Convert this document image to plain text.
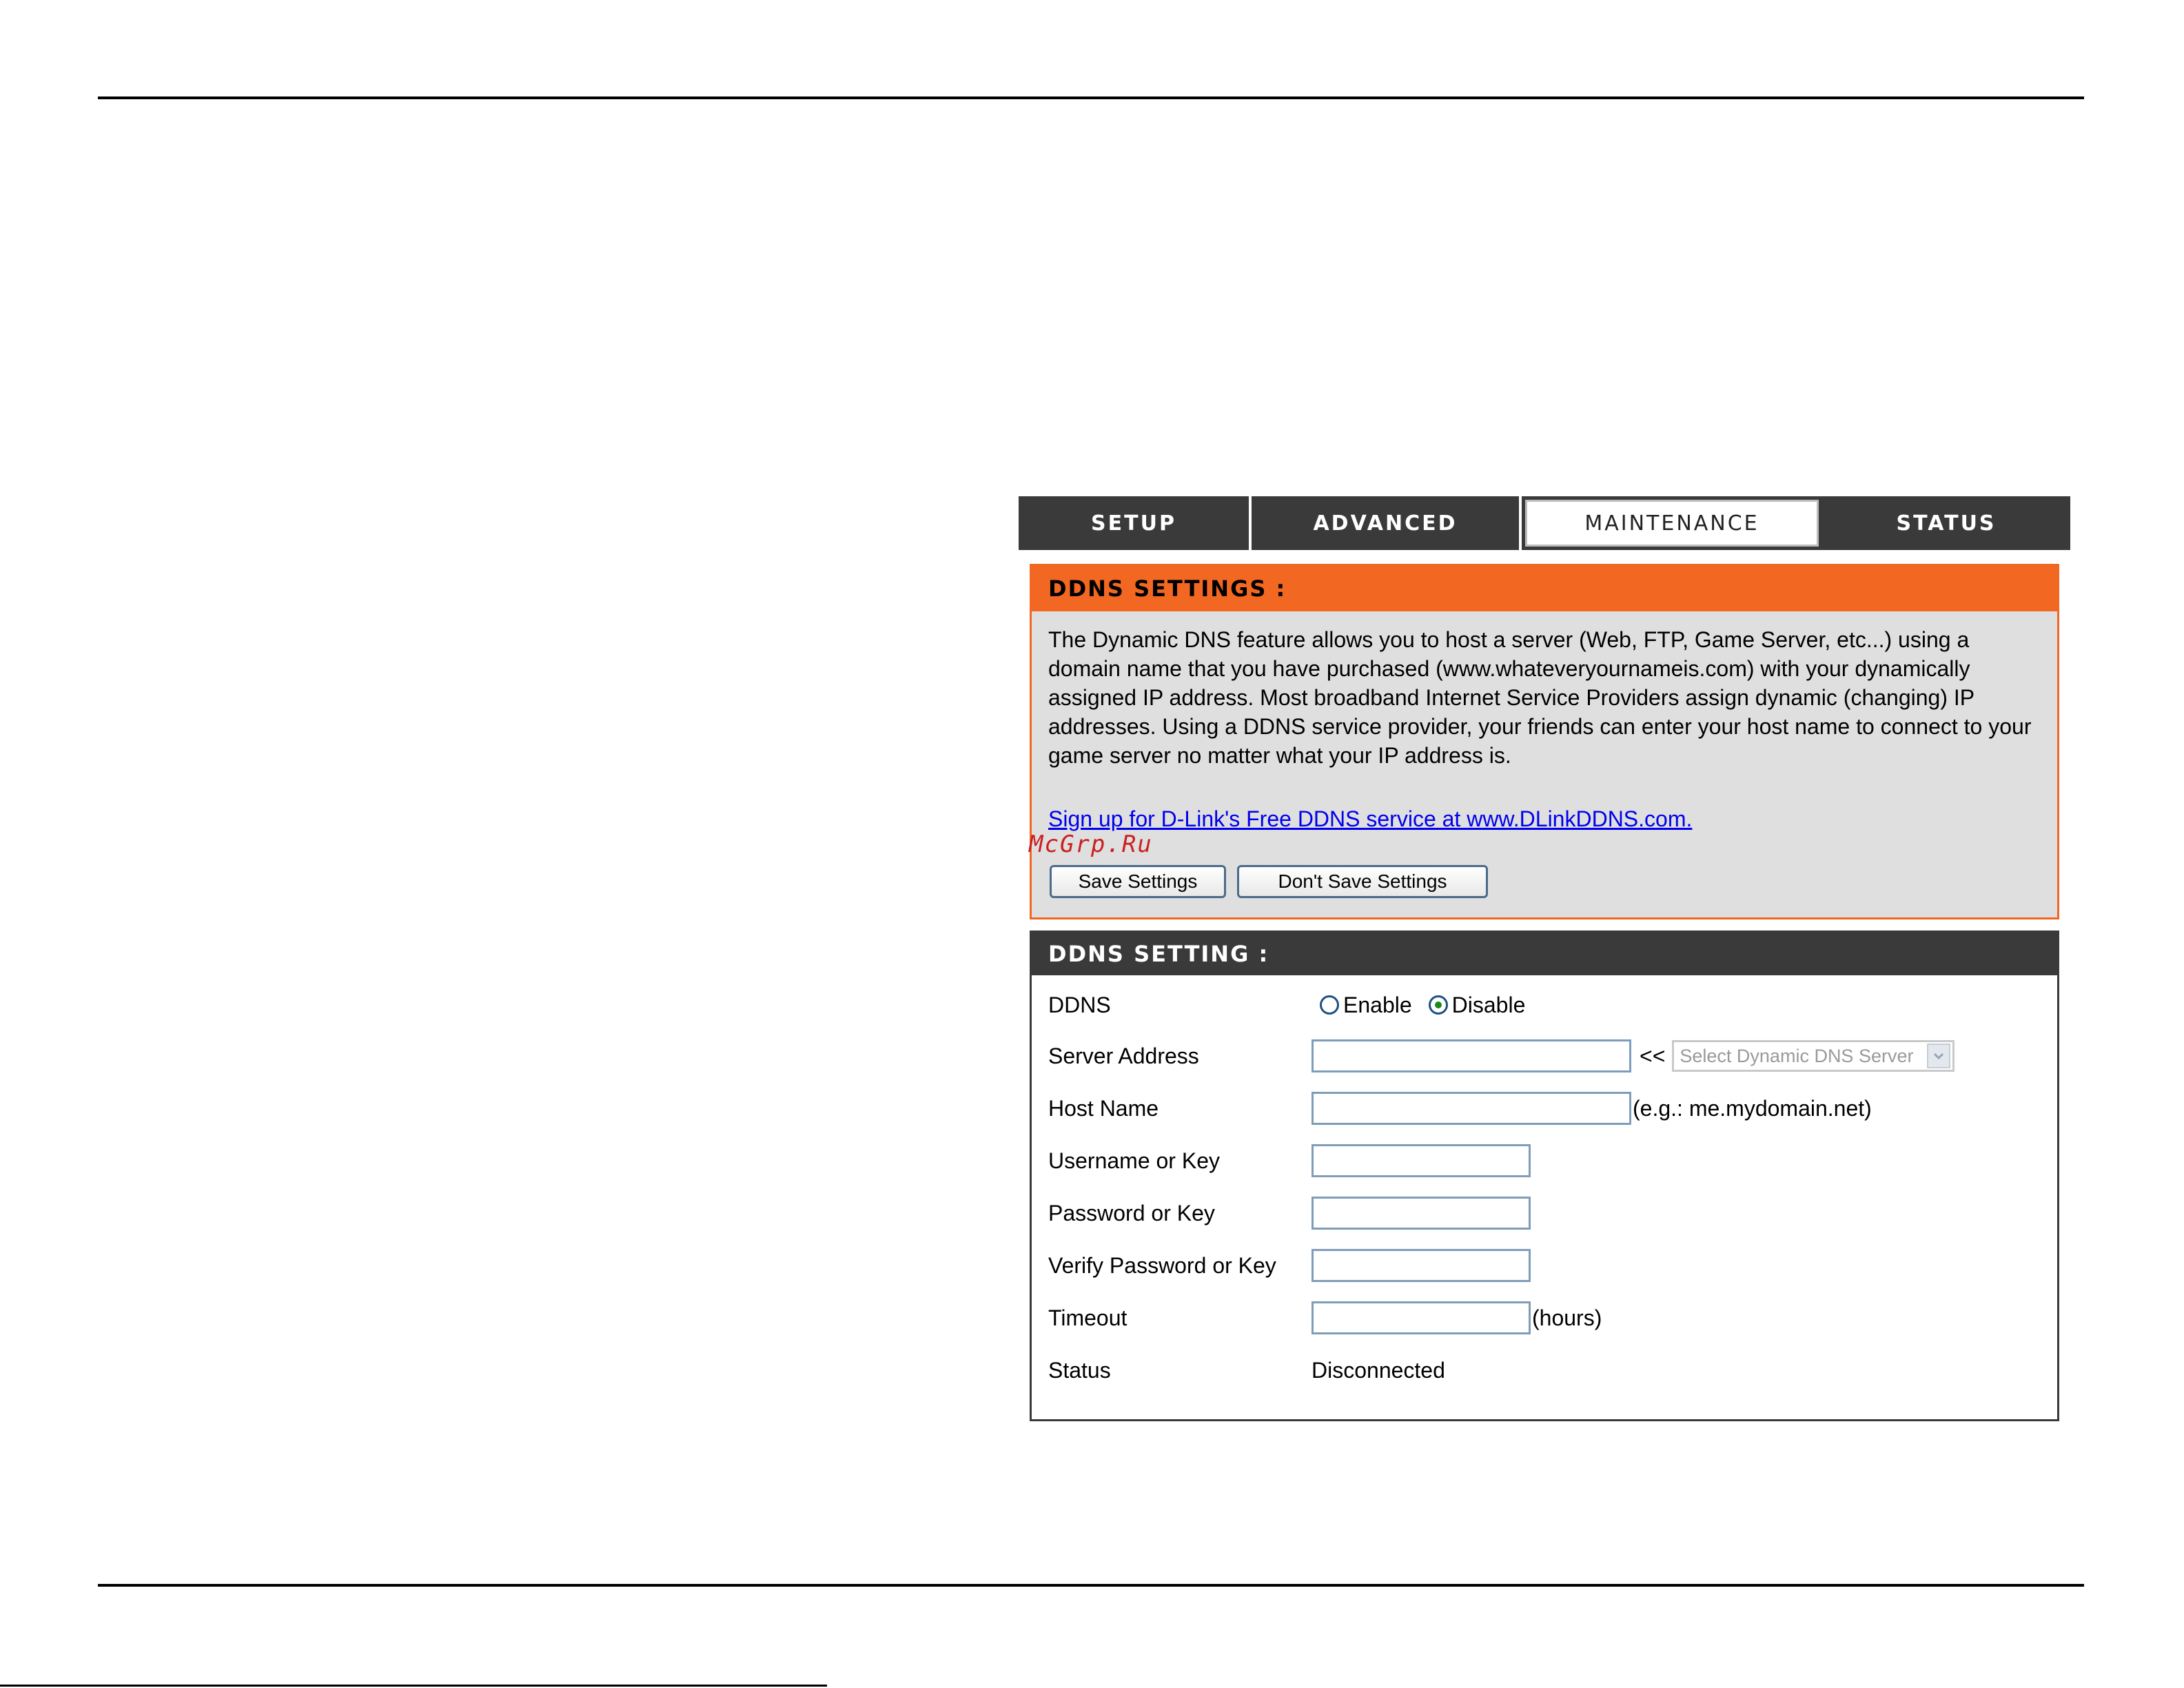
SETUP	ADVANCED	MAINTENANCE	STATUS
DDNS SETTINGS :

The Dynamic DNS feature allows you to host a server (Web, FTP, Game Server, etc...) using a domain name that you have purchased (www.whateveryournameis.com) with your dynamically assigned IP address. Most broadband Internet Service Providers assign dynamic (changing) IP addresses. Using a DDNS service provider, your friends can enter your host name to connect to your game server no matter what your IP address is.

Sign up for D-Link's Free DDNS service at www.DLinkDDNS.com.
McGrp.Ru
Save Settings	Don't Save Settings
DDNS SETTING :
DDNS	Enable Disable
Server Address	<< Select Dynamic DNS Server
Host Name	(e.g.: me.mydomain.net)
Username or Key
Password or Key
Verify Password or Key
Timeout	(hours)
Status	Disconnected
